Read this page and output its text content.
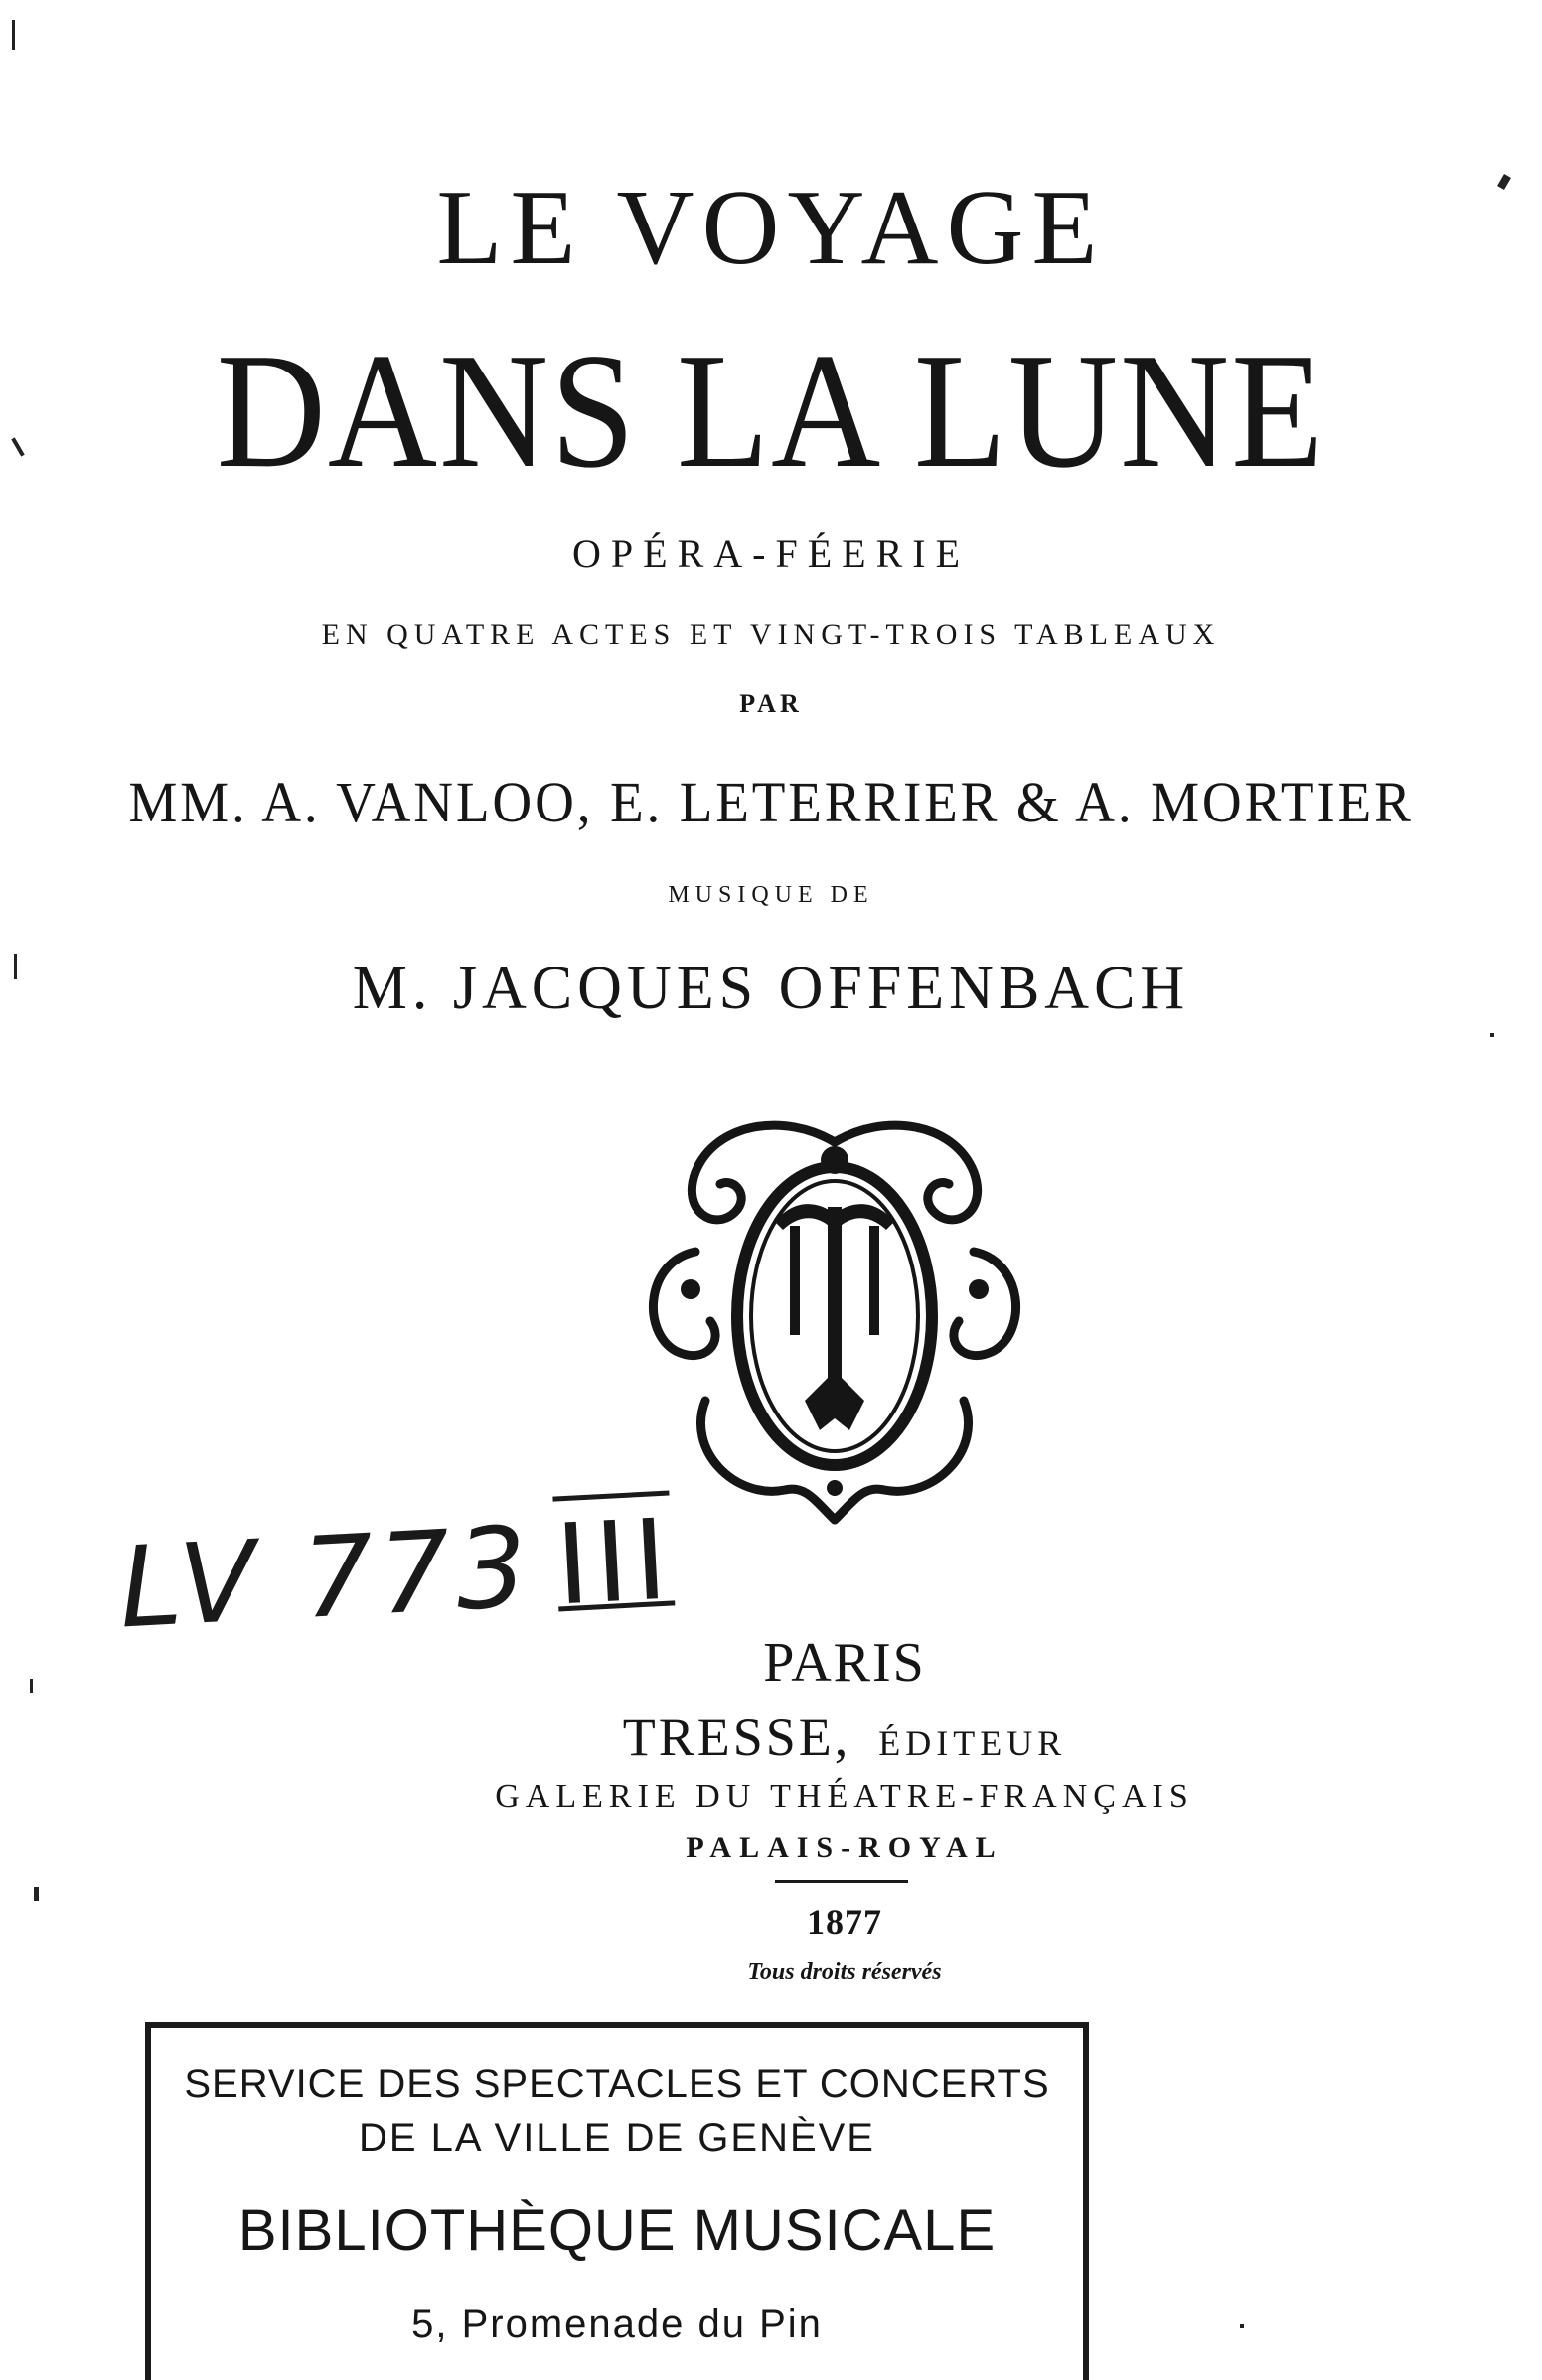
LE VOYAGE
DANS LA LUNE
OPÉRA-FÉERIE
EN QUATRE ACTES ET VINGT-TROIS TABLEAUX
PAR
MM. A. VANLOO, E. LETERRIER & A. MORTIER
MUSIQUE DE
M. JACQUES OFFENBACH
LV 773 III
PARIS
TRESSE, ÉDITEUR
GALERIE DU THÉATRE-FRANÇAIS
PALAIS-ROYAL
1877
Tous droits réservés
SERVICE DES SPECTACLES ET CONCERTS
DE LA VILLE DE GENÈVE
BIBLIOTHÈQUE MUSICALE
5, Promenade du Pin
